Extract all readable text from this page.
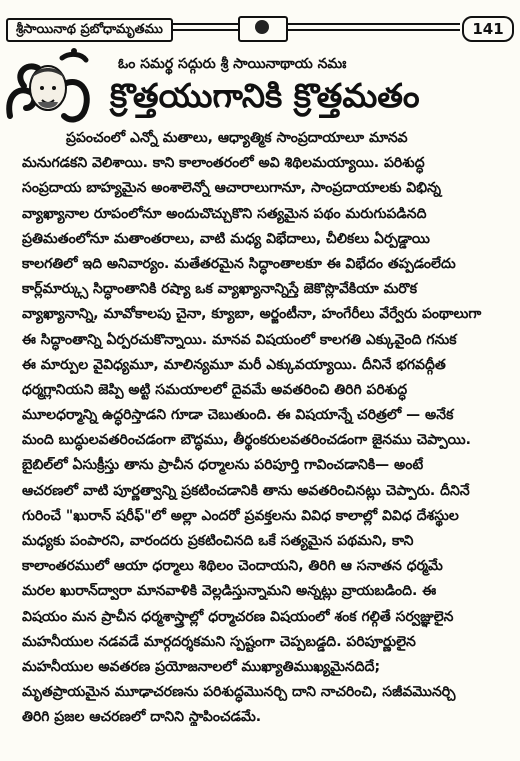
శ్రీసాయినాథ ప్రబోధామృతము	141
ఓం సమర్థ సద్గురు శ్రీ సాయినాథాయ నమః
క్రొత్తయుగానికి క్రొత్తమతం
ప్రపంచంలో ఎన్నో మతాలు, ఆధ్యాత్మిక సాంప్రదాయాలూ మానవ
మనుగడకని వెలిశాయి. కాని కాలాంతరంలో అవి శిథిలమయ్యాయి. పరిశుద్ధ
సంప్రదాయ బాహ్యమైన అంశాలెన్నో ఆచారాలుగానూ, సాంప్రదాయాలకు విభిన్న
వ్యాఖ్యానాల రూపంలోనూ అందుచొచ్చుకొని సత్యమైన పథం మరుగుపడినది
ప్రతిమతంలోనూ మతాంతరాలు, వాటి మధ్య విభేదాలు, చీలికలు ఏర్పడ్డాయి
కాలగతిలో ఇది అనివార్యం. మతేతరమైన సిద్ధాంతాలకూ ఈ విభేదం తప్పడంలేదు
కార్ల్‌మార్క్సు సిద్ధాంతానికి రష్యా ఒక వ్యాఖ్యానాన్నిస్తే జెకొస్లొవేకియా మరొక
వ్యాఖ్యానాన్ని, మావోకాలపు చైనా, క్యూబా, అర్జంటీనా, హంగేరీలు వేర్వేరు పంథాలుగా
ఈ సిద్ధాంతాన్ని ఏర్పరచుకొన్నాయి. మానవ విషయంలో కాలగతి ఎక్కువైంది గనుక
ఈ మార్పుల వైవిధ్యమూ, మాలిన్యమూ మరీ ఎక్కువయ్యాయి. దీనినే భగవద్గీత
ధర్మగ్లానియని జెప్పి అట్టి సమయాలలో దైవమే అవతరించి తిరిగి పరిశుద్ధ
మూలధర్మాన్ని ఉద్ధరిస్తాడని గూడా చెబుతుంది. ఈ విషయాన్నే చరిత్రలో — అనేక
మంది బుద్ధులవతరించడంగా బౌద్ధము, తీర్థంకరులవతరించడంగా జైనము చెప్పాయి.
బైబిల్‌లో ఏసుక్రీస్తు తాను ప్రాచీన ధర్మాలను పరిపూర్తి గావించడానికి— అంటే
ఆచరణలో వాటి పూర్ణత్వాన్ని ప్రకటించడానికి తాను అవతరించినట్లు చెప్పారు. దీనినే
గురించే "ఖురాన్ షరీఫ్"లో అల్లా ఎందరో ప్రవక్తలను వివిధ కాలాల్లో వివిధ దేశస్థుల
మధ్యకు పంపారని, వారందరు ప్రకటించినది ఒకే సత్యమైన పథమని, కాని
కాలాంతరములో ఆయా ధర్మాలు శిథిలం చెందాయని, తిరిగి ఆ సనాతన ధర్మమే
మరల ఖురాన్‌ద్వారా మానవాళికి వెల్లడిస్తున్నామని అన్నట్లు వ్రాయబడింది. ఈ
విషయం మన ప్రాచీన ధర్మశాస్త్రాల్లో ధర్మాచరణ విషయంలో శంక గల్గితే సర్వజ్ఞులైన
మహనీయుల నడవడే మార్గదర్శకమని స్పష్టంగా చెప్పబడ్డది. పరిపూర్ణులైన
మహనీయుల అవతరణ ప్రయోజనాలలో ముఖ్యాతిముఖ్యమైనదిదే;
మృతప్రాయమైన మూఢాచరణను పరిశుద్ధమొనర్చి దాని నాచరించి, సజీవమొనర్చి
తిరిగి ప్రజల ఆచరణలో దానిని స్థాపించడమే.
